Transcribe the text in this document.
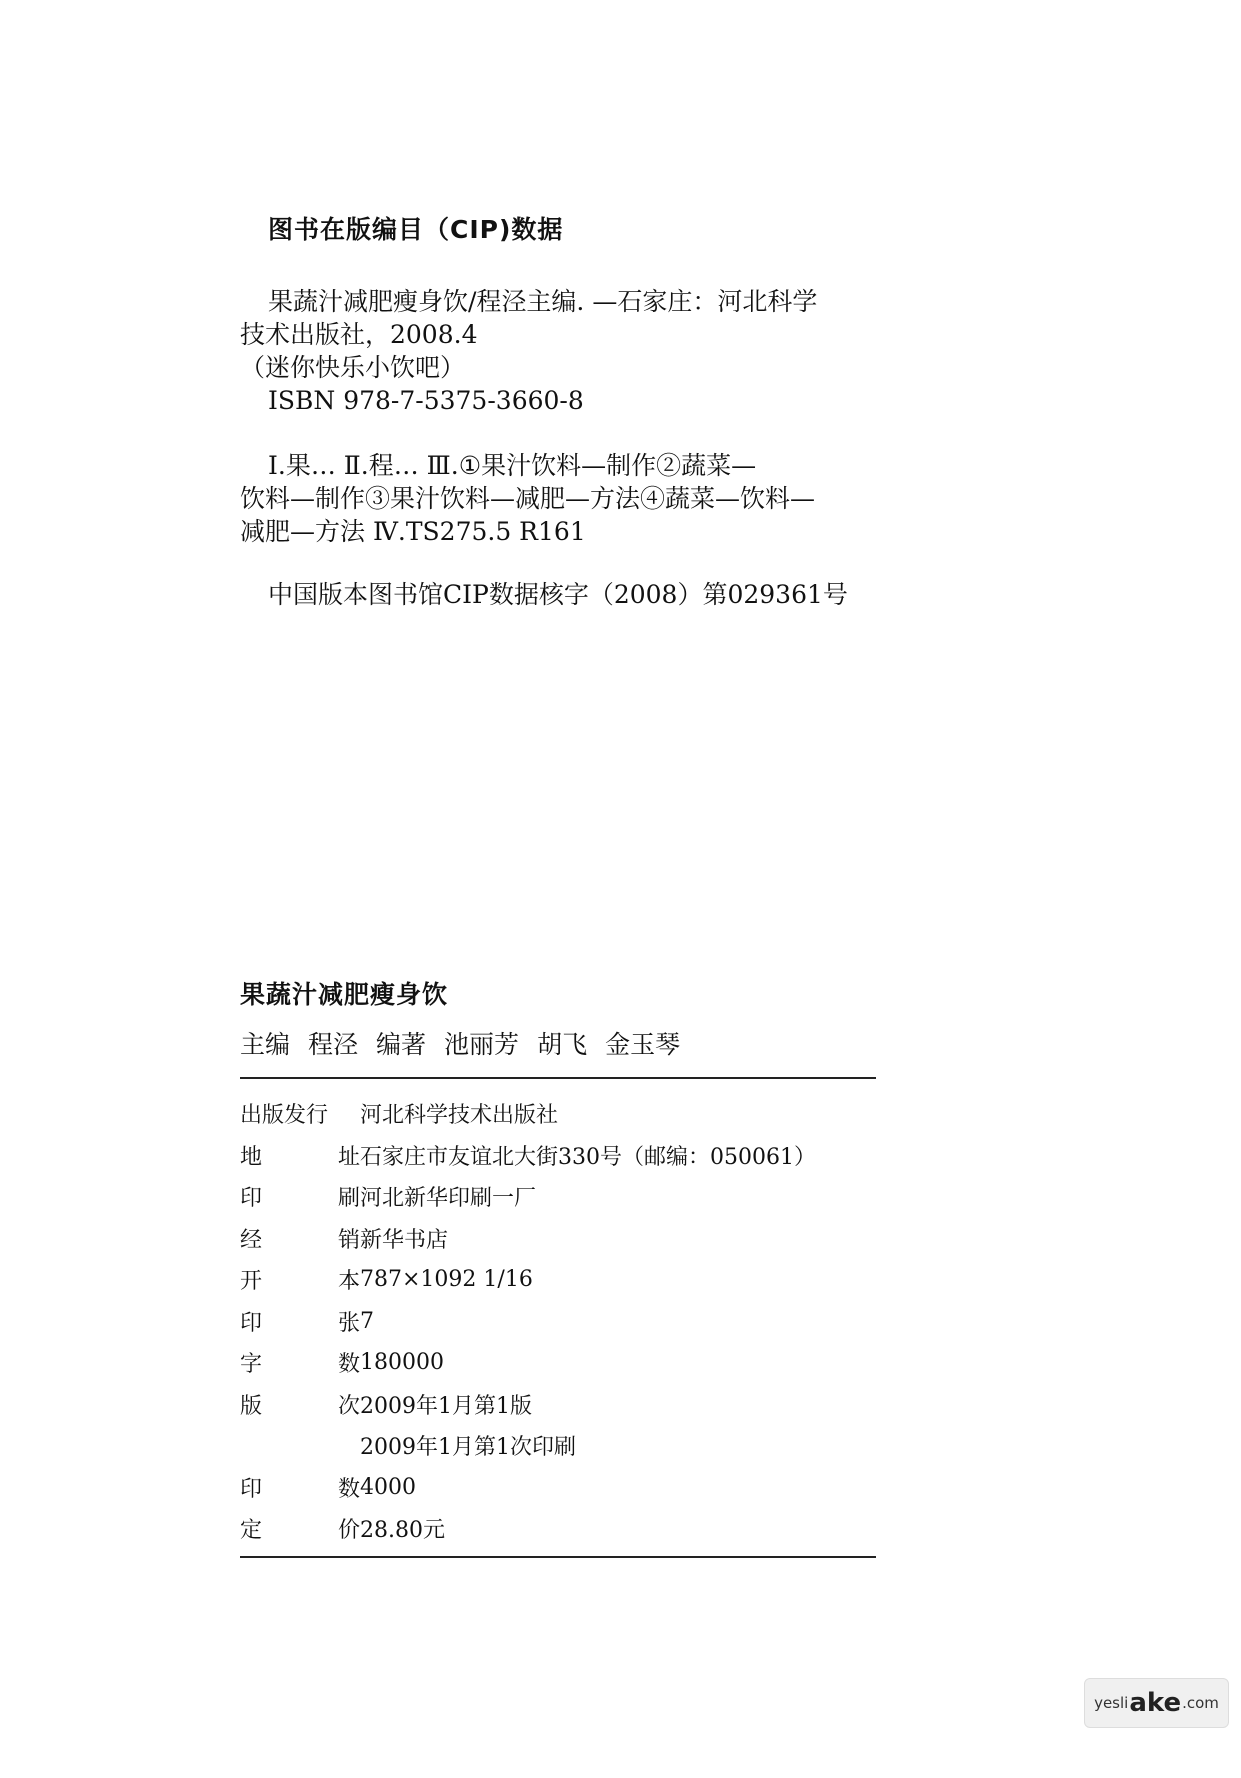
图书在版编目（CIP)数据
果蔬汁减肥瘦身饮/程泾主编. —石家庄：河北科学
技术出版社，2008.4
（迷你快乐小饮吧）
ISBN 978-7-5375-3660-8
Ⅰ.果… Ⅱ.程… Ⅲ.①果汁饮料—制作②蔬菜—
饮料—制作③果汁饮料—减肥—方法④蔬菜—饮料—
减肥—方法 Ⅳ.TS275.5 R161
中国版本图书馆CIP数据核字（2008）第029361号
果蔬汁减肥瘦身饮
主编 程泾 编著 池丽芳 胡飞 金玉琴
出版发行 河北科学技术出版社
地	址 石家庄市友谊北大街330号（邮编：050061）
印	刷 河北新华印刷一厂
经	销 新华书店
开	本 787×1092 1/16
印	张 7
字	数 180000
版	次 2009年1月第1版
2009年1月第1次印刷
印	数 4000
定	价 28.80元
yesli ake .com
